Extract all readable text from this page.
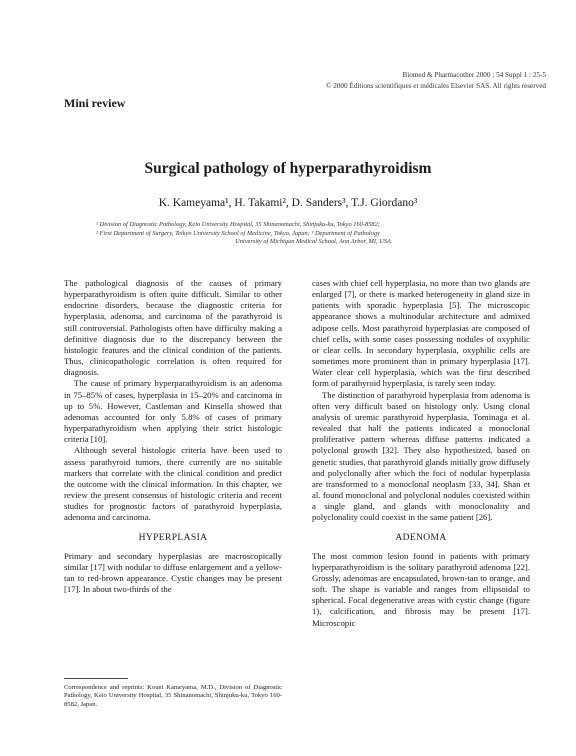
Biomed & Pharmacother 2000 ; 54 Suppl 1 : 25-5
© 2000 Éditions scientifiques et médicales Elsevier SAS. All rights reserved
Mini review
Surgical pathology of hyperparathyroidism
K. Kameyama¹, H. Takami², D. Sanders³, T.J. Giordano³
¹ Division of Diagnostic Pathology, Keio University Hospital, 35 Shinanomachi, Shinjuku-ku, Tokyo 160-8582;
² First Department of Surgery, Teikyo University School of Medicine, Tokyo, Japan; ³ Department of Pathology
University of Michigan Medical School, Ann Arbor, MI, USA

The pathological diagnosis of the causes of primary hyperparathyroidism is often quite difficult. Similar to other endocrine disorders, because the diagnostic criteria for hyperplasia, adenoma, and carcinoma of the parathyroid is still controversial. Pathologists often have difficulty making a definitive diagnosis due to the discrepancy between the histologic features and the clinical condition of the patients. Thus, clinicopathologic correlation is often required for diagnosis.

The cause of primary hyperparathyroidism is an adenoma in 75–85% of cases, hyperplasia in 15–20% and carcinoma in up to 5%. However, Castleman and Kinsella showed that adenomas accounted for only 5.8% of cases of primary hyperparathyroidism when applying their strict histologic criteria [10].

Although several histologic criteria have been used to assess parathyroid tumors, there currently are no suitable markers that correlate with the clinical condition and predict the outcome with the clinical information. In this chapter, we review the present consensus of histologic criteria and recent studies for prognostic factors of parathyroid hyperplasia, adenoma and carcinoma.

HYPERPLASIA

Primary and secondary hyperplasias are macroscopically similar [17] with nodular to diffuse enlargement and a yellow-tan to red-brown appearance. Cystic changes may be present [17]. In about two-thirds of the

cases with chief cell hyperplasia, no more than two glands are enlarged [7], or there is marked heterogeneity in gland size in patients with sporadic hyperplasia [5]. The microscopic appearance shows a multinodular architecture and admixed adipose cells. Most parathyroid hyperplasias are composed of chief cells, with some cases possessing nodules of oxyphilic or clear cells. In secondary hyperplasia, oxyphilic cells are sometimes more prominent than in primary hyperplasia [17]. Water clear cell hyperplasia, which was the first described form of parathyroid hyperplasia, is rarely seen today.

The distinction of parathyroid hyperplasia from adenoma is often very difficult based on histology only. Using clonal analysis of uremic parathyroid hyperplasia, Tominaga et al. revealed that half the patients indicated a monoclonal proliferative pattern whereas diffuse patterns indicated a polyclonal growth [32]. They also hypothesized, based on genetic studies, that parathyroid glands initially grow diffusely and polyclonally after which the foci of nodular hyperplasia are transformed to a monoclonal neoplasm [33, 34]. Shan et al. found monoclonal and polyclonal nodules coexisted within a single gland, and glands with monoclonality and polyclonality could coexist in the same patient [26].

ADENOMA

The most common lesion found in patients with primary hyperparathyroidism is the solitary parathyroid adenoma [22]. Grossly, adenomas are encapsulated, brown-tan to orange, and soft. The shape is variable and ranges from ellipsoidal to spherical. Focal degenerative areas with cystic change (figure 1), calcification, and fibrosis may be present [17]. Microscopic

Correspondence and reprints: Kouei Kameyama, M.D., Division of Diagnostic Pathology, Keio University Hospital, 35 Shinanomachi, Shinjuku-ku, Tokyo 160-8582, Japan.
